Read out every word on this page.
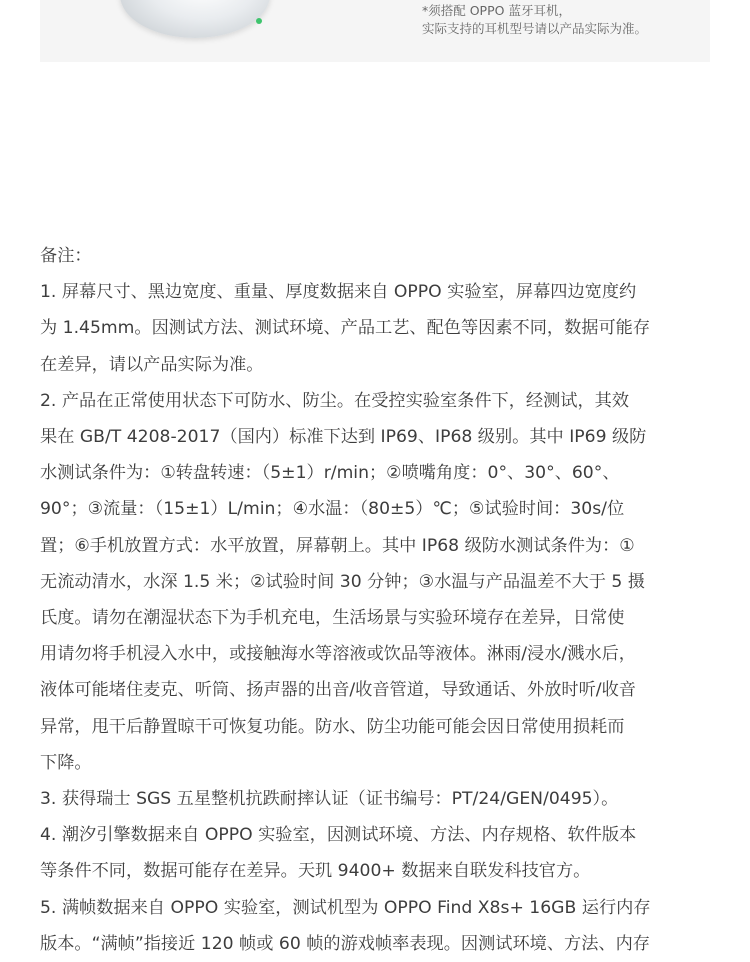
*须搭配 OPPO 蓝牙耳机，
实际支持的耳机型号请以产品实际为准。
备注：
1. 屏幕尺寸、黑边宽度、重量、厚度数据来自 OPPO 实验室，屏幕四边宽度约
为 1.45mm。因测试方法、测试环境、产品工艺、配色等因素不同，数据可能存
在差异，请以产品实际为准。
2. 产品在正常使用状态下可防水、防尘。在受控实验室条件下，经测试，其效
果在 GB/T 4208-2017（国内）标准下达到 IP69、IP68 级别。其中 IP69 级防
水测试条件为：①转盘转速：（5±1）r/min；②喷嘴角度：0°、30°、60°、
90°；③流量：（15±1）L/min；④水温：（80±5）℃；⑤试验时间：30s/位
置；⑥手机放置方式：水平放置，屏幕朝上。其中 IP68 级防水测试条件为：①
无流动清水，水深 1.5 米；②试验时间 30 分钟；③水温与产品温差不大于 5 摄
氏度。请勿在潮湿状态下为手机充电，生活场景与实验环境存在差异，日常使
用请勿将手机浸入水中，或接触海水等溶液或饮品等液体。淋雨/浸水/溅水后，
液体可能堵住麦克、听筒、扬声器的出音/收音管道，导致通话、外放时听/收音
异常，甩干后静置晾干可恢复功能。防水、防尘功能可能会因日常使用损耗而
下降。
3. 获得瑞士 SGS 五星整机抗跌耐摔认证（证书编号：PT/24/GEN/0495）。
4. 潮汐引擎数据来自 OPPO 实验室，因测试环境、方法、内存规格、软件版本
等条件不同，数据可能存在差异。天玑 9400+ 数据来自联发科技官方。
5. 满帧数据来自 OPPO 实验室，测试机型为 OPPO Find X8s+ 16GB 运行内存
版本。“满帧”指接近 120 帧或 60 帧的游戏帧率表现。因测试环境、方法、内存
